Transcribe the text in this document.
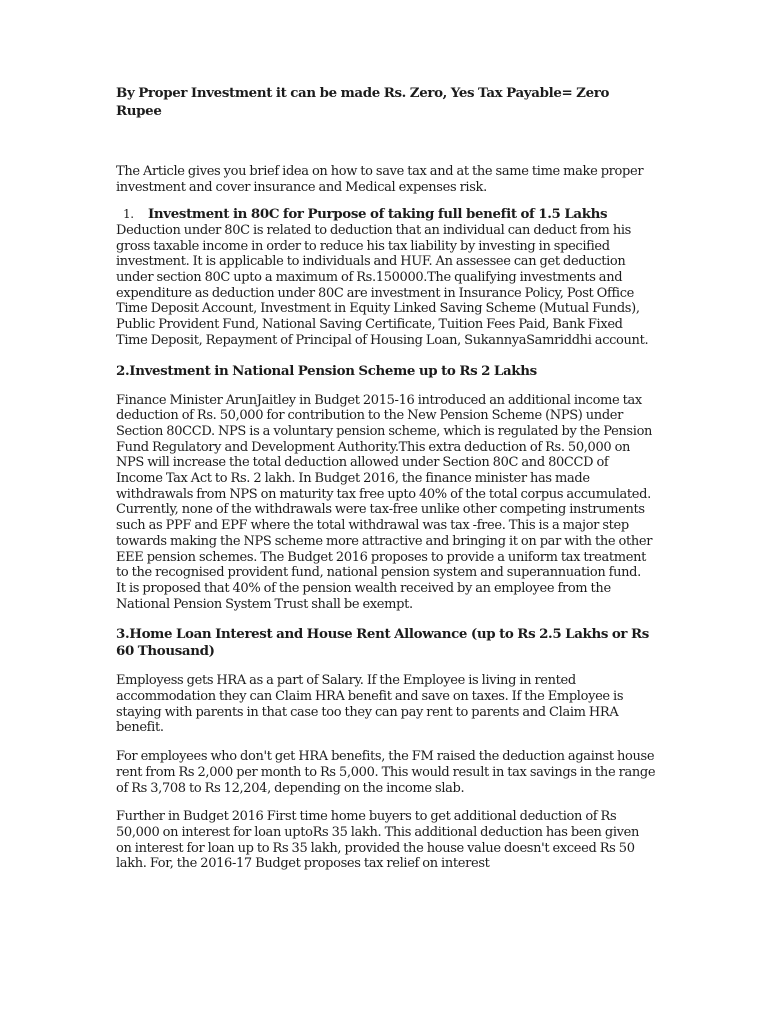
By Proper Investment it can be made Rs. Zero, Yes Tax Payable= Zero Rupee

The Article gives you brief idea on how to save tax and at the same time make proper investment and cover insurance and Medical expenses risk.

1.	Investment in 80C for Purpose of taking full benefit of 1.5 Lakhs

Deduction under 80C is related to deduction that an individual can deduct from his gross taxable income in order to reduce his tax liability by investing in specified investment. It is applicable to individuals and HUF. An assessee can get deduction under section 80C upto a maximum of Rs.150000.The qualifying investments and expenditure as deduction under 80C are investment in Insurance Policy, Post Office Time Deposit Account, Investment in Equity Linked Saving Scheme (Mutual Funds), Public Provident Fund, National Saving Certificate, Tuition Fees Paid, Bank Fixed Time Deposit, Repayment of Principal of Housing Loan, SukannyaSamriddhi account.

2.Investment in National Pension Scheme up to Rs 2 Lakhs

Finance Minister ArunJaitley in Budget 2015-16 introduced an additional income tax deduction of Rs. 50,000 for contribution to the New Pension Scheme (NPS) under Section 80CCD. NPS is a voluntary pension scheme, which is regulated by the Pension Fund Regulatory and Development Authority.This extra deduction of Rs. 50,000 on NPS will increase the total deduction allowed under Section 80C and 80CCD of Income Tax Act to Rs. 2 lakh. In Budget 2016, the finance minister has made withdrawals from NPS on maturity tax free upto 40% of the total corpus accumulated. Currently, none of the withdrawals were tax-free unlike other competing instruments such as PPF and EPF where the total withdrawal was tax -free. This is a major step towards making the NPS scheme more attractive and bringing it on par with the other EEE pension schemes. The Budget 2016 proposes to provide a uniform tax treatment to the recognised provident fund, national pension system and superannuation fund.

It is proposed that 40% of the pension wealth received by an employee from the National Pension System Trust shall be exempt.

3.Home Loan Interest and House Rent Allowance (up to Rs 2.5 Lakhs or Rs 60 Thousand)

Employess gets HRA as a part of Salary. If the Employee is living in rented accommodation they can Claim HRA benefit and save on taxes. If the Employee is staying with parents in that case too they can pay rent to parents and Claim HRA benefit.

For employees who don't get HRA benefits, the FM raised the deduction against house rent from Rs 2,000 per month to Rs 5,000. This would result in tax savings in the range of Rs 3,708 to Rs 12,204, depending on the income slab.

Further in Budget 2016 First time home buyers to get additional deduction of Rs 50,000 on interest for loan uptoRs 35 lakh. This additional deduction has been given on interest for loan up to Rs 35 lakh, provided the house value doesn't exceed Rs 50 lakh. For, the 2016-17 Budget proposes tax relief on interest
